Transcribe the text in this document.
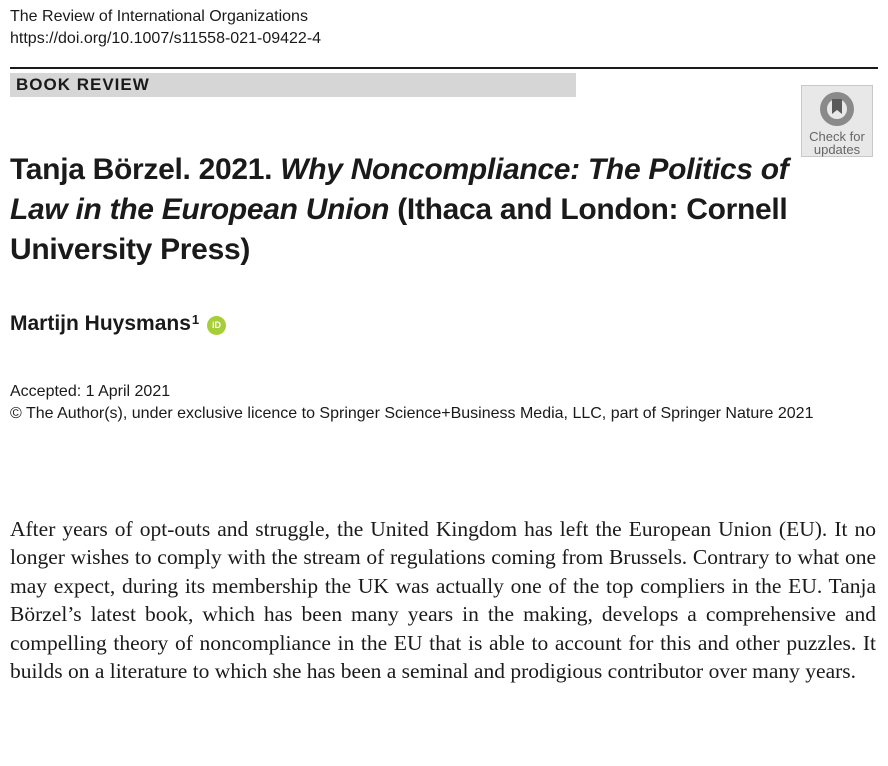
The Review of International Organizations
https://doi.org/10.1007/s11558-021-09422-4
BOOK REVIEW
Check for
updates
Tanja Börzel. 2021. Why Noncompliance: The Politics of Law in the European Union (Ithaca and London: Cornell University Press)
Martijn Huysmans$^1$ iD
Accepted: 1 April 2021
© The Author(s), under exclusive licence to Springer Science+Business Media, LLC, part of Springer Nature 2021
After years of opt-outs and struggle, the United Kingdom has left the European Union (EU). It no longer wishes to comply with the stream of regulations coming from Brussels. Contrary to what one may expect, during its membership the UK was actually one of the top compliers in the EU. Tanja Börzel’s latest book, which has been many years in the making, develops a comprehensive and compelling theory of noncompliance in the EU that is able to account for this and other puzzles. It builds on a literature to which she has been a seminal and prodigious contributor over many years.
